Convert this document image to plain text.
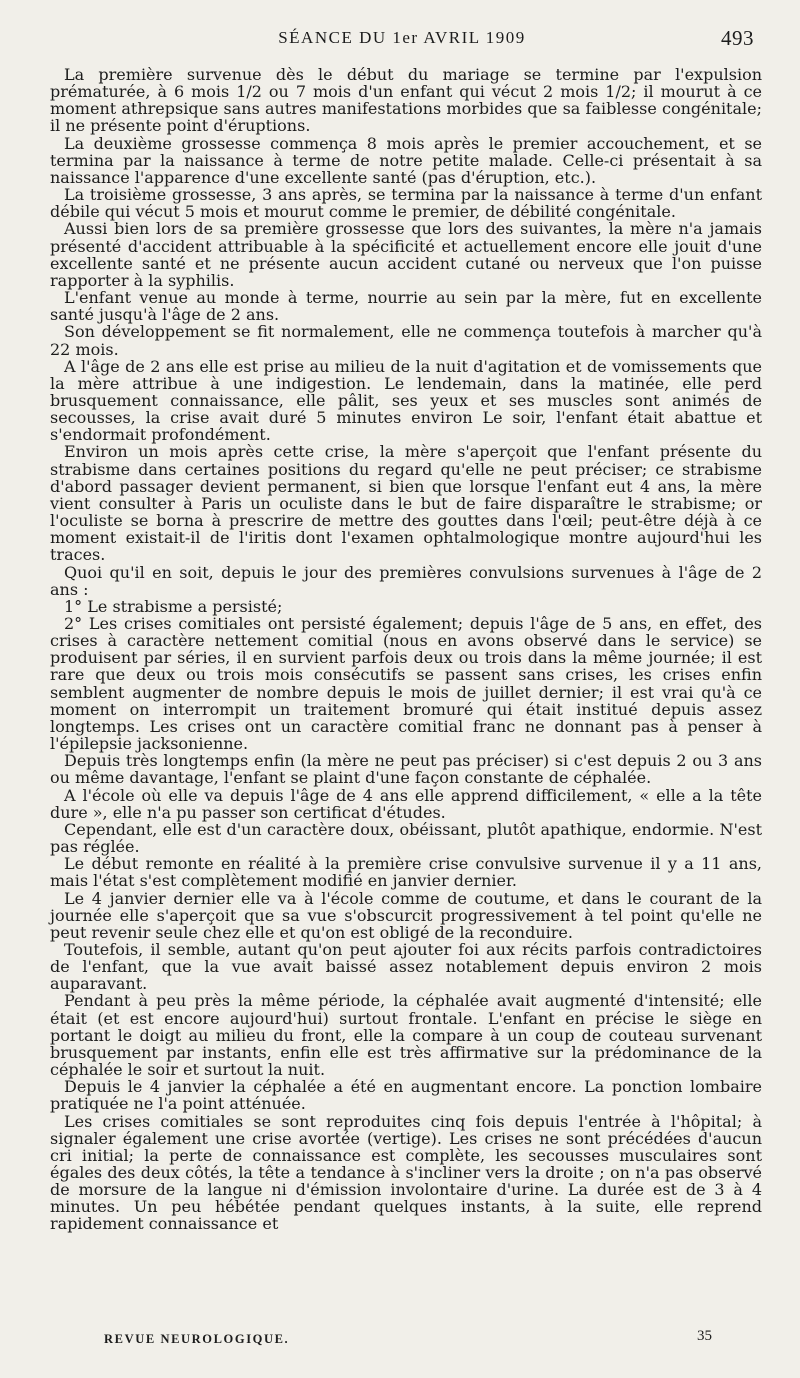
SÉANCE DU 1er AVRIL 1909	493

La première survenue dès le début du mariage se termine par l'expulsion prématurée, à 6 mois 1/2 ou 7 mois d'un enfant qui vécut 2 mois 1/2; il mourut à ce moment athrepsique sans autres manifestations morbides que sa faiblesse congénitale; il ne présente point d'éruptions.

La deuxième grossesse commença 8 mois après le premier accouchement, et se termina par la naissance à terme de notre petite malade. Celle-ci présentait à sa naissance l'apparence d'une excellente santé (pas d'éruption, etc.).

La troisième grossesse, 3 ans après, se termina par la naissance à terme d'un enfant débile qui vécut 5 mois et mourut comme le premier, de débilité congénitale.

Aussi bien lors de sa première grossesse que lors des suivantes, la mère n'a jamais présenté d'accident attribuable à la spécificité et actuellement encore elle jouit d'une excellente santé et ne présente aucun accident cutané ou nerveux que l'on puisse rapporter à la syphilis.

L'enfant venue au monde à terme, nourrie au sein par la mère, fut en excellente santé jusqu'à l'âge de 2 ans.

Son développement se fit normalement, elle ne commença toutefois à marcher qu'à 22 mois.

A l'âge de 2 ans elle est prise au milieu de la nuit d'agitation et de vomissements que la mère attribue à une indigestion. Le lendemain, dans la matinée, elle perd brusquement connaissance, elle pâlit, ses yeux et ses muscles sont animés de secousses, la crise avait duré 5 minutes environ Le soir, l'enfant était abattue et s'endormait profondément.

Environ un mois après cette crise, la mère s'aperçoit que l'enfant présente du strabisme dans certaines positions du regard qu'elle ne peut préciser; ce strabisme d'abord passager devient permanent, si bien que lorsque l'enfant eut 4 ans, la mère vient consulter à Paris un oculiste dans le but de faire disparaître le strabisme; or l'oculiste se borna à prescrire de mettre des gouttes dans l'œil; peut-être déjà à ce moment existait-il de l'iritis dont l'examen ophtalmologique montre aujourd'hui les traces.

Quoi qu'il en soit, depuis le jour des premières convulsions survenues à l'âge de 2 ans :

1° Le strabisme a persisté;

2° Les crises comitiales ont persisté également; depuis l'âge de 5 ans, en effet, des crises à caractère nettement comitial (nous en avons observé dans le service) se produisent par séries, il en survient parfois deux ou trois dans la même journée; il est rare que deux ou trois mois consécutifs se passent sans crises, les crises enfin semblent augmenter de nombre depuis le mois de juillet dernier; il est vrai qu'à ce moment on interrompit un traitement bromuré qui était institué depuis assez longtemps. Les crises ont un caractère comitial franc ne donnant pas à penser à l'épilepsie jacksonienne.

Depuis très longtemps enfin (la mère ne peut pas préciser) si c'est depuis 2 ou 3 ans ou même davantage, l'enfant se plaint d'une façon constante de céphalée.

A l'école où elle va depuis l'âge de 4 ans elle apprend difficilement, « elle a la tête dure », elle n'a pu passer son certificat d'études.

Cependant, elle est d'un caractère doux, obéissant, plutôt apathique, endormie. N'est pas réglée.

Le début remonte en réalité à la première crise convulsive survenue il y a 11 ans, mais l'état s'est complètement modifié en janvier dernier.

Le 4 janvier dernier elle va à l'école comme de coutume, et dans le courant de la journée elle s'aperçoit que sa vue s'obscurcit progressivement à tel point qu'elle ne peut revenir seule chez elle et qu'on est obligé de la reconduire.

Toutefois, il semble, autant qu'on peut ajouter foi aux récits parfois contradictoires de l'enfant, que la vue avait baissé assez notablement depuis environ 2 mois auparavant.

Pendant à peu près la même période, la céphalée avait augmenté d'intensité; elle était (et est encore aujourd'hui) surtout frontale. L'enfant en précise le siège en portant le doigt au milieu du front, elle la compare à un coup de couteau survenant brusquement par instants, enfin elle est très affirmative sur la prédominance de la céphalée le soir et surtout la nuit.

Depuis le 4 janvier la céphalée a été en augmentant encore. La ponction lombaire pratiquée ne l'a point atténuée.

Les crises comitiales se sont reproduites cinq fois depuis l'entrée à l'hôpital; à signaler également une crise avortée (vertige). Les crises ne sont précédées d'aucun cri initial; la perte de connaissance est complète, les secousses musculaires sont égales des deux côtés, la tête a tendance à s'incliner vers la droite ; on n'a pas observé de morsure de la langue ni d'émission involontaire d'urine. La durée est de 3 à 4 minutes. Un peu hébétée pendant quelques instants, à la suite, elle reprend rapidement connaissance et

REVUE NEUROLOGIQUE.	35
